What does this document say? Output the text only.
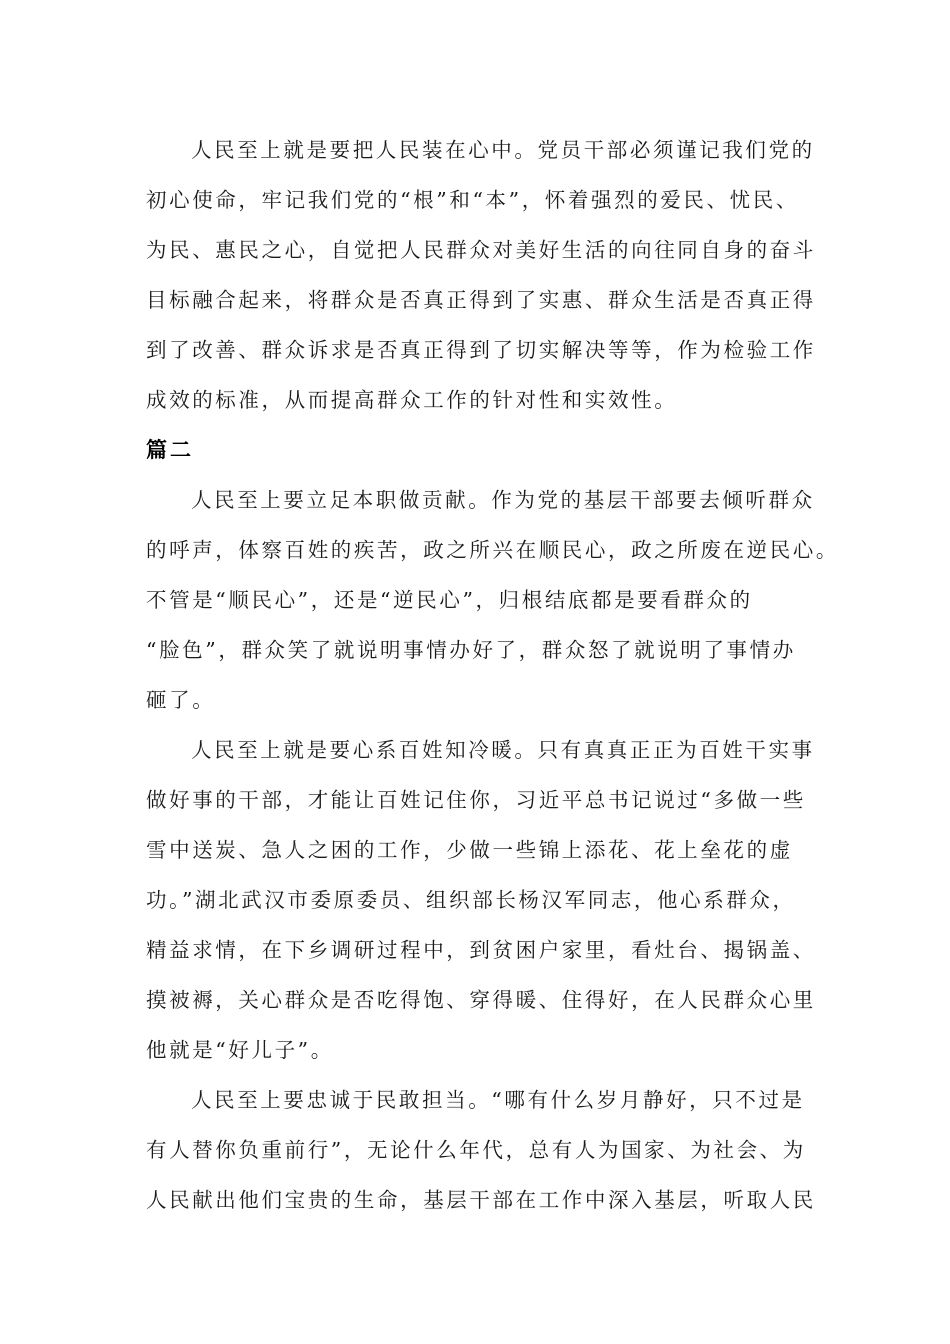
人民至上就是要把人民装在心中。党员干部必须谨记我们党的
初心使命，牢记我们党的“根”和“本”，怀着强烈的爱民、忧民、
为民、惠民之心，自觉把人民群众对美好生活的向往同自身的奋斗
目标融合起来，将群众是否真正得到了实惠、群众生活是否真正得
到了改善、群众诉求是否真正得到了切实解决等等，作为检验工作
成效的标准，从而提高群众工作的针对性和实效性。
篇二
人民至上要立足本职做贡献。作为党的基层干部要去倾听群众
的呼声，体察百姓的疾苦，政之所兴在顺民心，政之所废在逆民心。
不管是“顺民心”，还是“逆民心”，归根结底都是要看群众的
“脸色”，群众笑了就说明事情办好了，群众怒了就说明了事情办
砸了。
人民至上就是要心系百姓知冷暖。只有真真正正为百姓干实事
做好事的干部，才能让百姓记住你，习近平总书记说过“多做一些
雪中送炭、急人之困的工作，少做一些锦上添花、花上垒花的虚
功。”湖北武汉市委原委员、组织部长杨汉军同志，他心系群众，
精益求情，在下乡调研过程中，到贫困户家里，看灶台、揭锅盖、
摸被褥，关心群众是否吃得饱、穿得暖、住得好，在人民群众心里
他就是“好儿子”。
人民至上要忠诚于民敢担当。“哪有什么岁月静好，只不过是
有人替你负重前行”，无论什么年代，总有人为国家、为社会、为
人民献出他们宝贵的生命，基层干部在工作中深入基层，听取人民
